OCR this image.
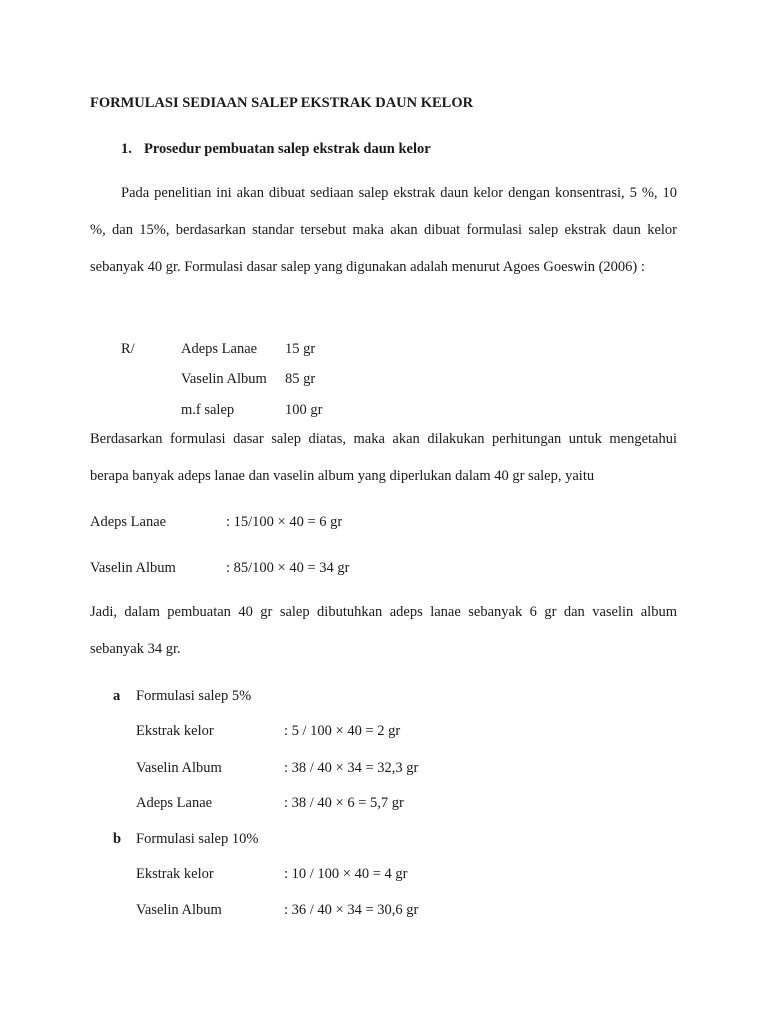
FORMULASI SEDIAAN SALEP EKSTRAK DAUN KELOR
1. Prosedur pembuatan salep ekstrak daun kelor
Pada penelitian ini akan dibuat sediaan salep ekstrak daun kelor dengan konsentrasi, 5 %, 10 %, dan 15%, berdasarkan standar tersebut maka akan dibuat formulasi salep ekstrak daun kelor sebanyak 40 gr. Formulasi dasar salep yang digunakan adalah menurut Agoes Goeswin (2006) :
R/	Adeps Lanae 15 gr
Vaselin Album 85 gr
m.f salep	100 gr
Berdasarkan formulasi dasar salep diatas, maka akan dilakukan perhitungan untuk mengetahui berapa banyak adeps lanae dan vaselin album yang diperlukan dalam 40 gr salep, yaitu
Adeps Lanae	: 15/100 × 40 = 6 gr
Vaselin Album	: 85/100 × 40 = 34 gr
Jadi, dalam pembuatan 40 gr salep dibutuhkan adeps lanae sebanyak 6 gr dan vaselin album sebanyak 34 gr.
a Formulasi salep 5%
Ekstrak kelor	: 5 / 100 × 40 = 2 gr
Vaselin Album	: 38 / 40 × 34 = 32,3 gr
Adeps Lanae	: 38 / 40 × 6 = 5,7 gr
b Formulasi salep 10%
Ekstrak kelor	: 10 / 100 × 40 = 4 gr
Vaselin Album	: 36 / 40 × 34 = 30,6 gr
